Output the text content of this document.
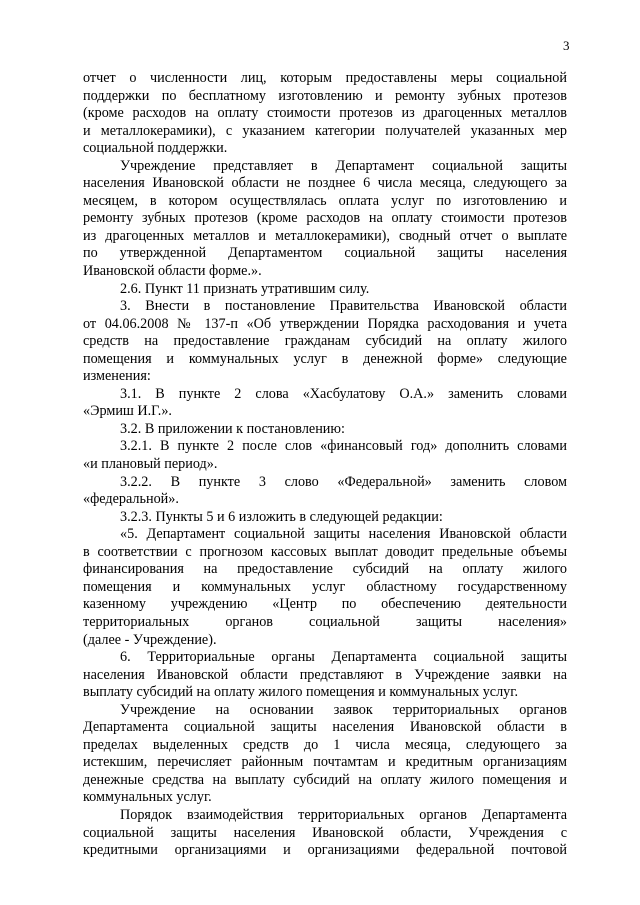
3
отчет о численности лиц, которым предоставлены меры социальной
поддержки по бесплатному изготовлению и ремонту зубных протезов
(кроме расходов на оплату стоимости протезов из драгоценных металлов
и металлокерамики), с указанием категории получателей указанных мер
социальной поддержки.
Учреждение представляет в Департамент социальной защиты
населения Ивановской области не позднее 6 числа месяца, следующего за
месяцем, в котором осуществлялась оплата услуг по изготовлению и
ремонту зубных протезов (кроме расходов на оплату стоимости протезов
из драгоценных металлов и металлокерамики), сводный отчет о выплате
по утвержденной Департаментом социальной защиты населения
Ивановской области форме.».
2.6. Пункт 11 признать утратившим силу.
3. Внести в постановление Правительства Ивановской области
от 04.06.2008 № 137-п «Об утверждении Порядка расходования и учета
средств на предоставление гражданам субсидий на оплату жилого
помещения и коммунальных услуг в денежной форме» следующие
изменения:
3.1. В пункте 2 слова «Хасбулатову О.А.» заменить словами
«Эрмиш И.Г.».
3.2. В приложении к постановлению:
3.2.1. В пункте 2 после слов «финансовый год» дополнить словами
«и плановый период».
3.2.2. В пункте 3 слово «Федеральной» заменить словом
«федеральной».
3.2.3. Пункты 5 и 6 изложить в следующей редакции:
«5. Департамент социальной защиты населения Ивановской области
в соответствии с прогнозом кассовых выплат доводит предельные объемы
финансирования на предоставление субсидий на оплату жилого
помещения и коммунальных услуг областному государственному
казенному учреждению «Центр по обеспечению деятельности
территориальных органов социальной защиты населения»
(далее - Учреждение).
6. Территориальные органы Департамента социальной защиты
населения Ивановской области представляют в Учреждение заявки на
выплату субсидий на оплату жилого помещения и коммунальных услуг.
Учреждение на основании заявок территориальных органов
Департамента социальной защиты населения Ивановской области в
пределах выделенных средств до 1 числа месяца, следующего за
истекшим, перечисляет районным почтамтам и кредитным организациям
денежные средства на выплату субсидий на оплату жилого помещения и
коммунальных услуг.
Порядок взаимодействия территориальных органов Департамента
социальной защиты населения Ивановской области, Учреждения с
кредитными организациями и организациями федеральной почтовой
